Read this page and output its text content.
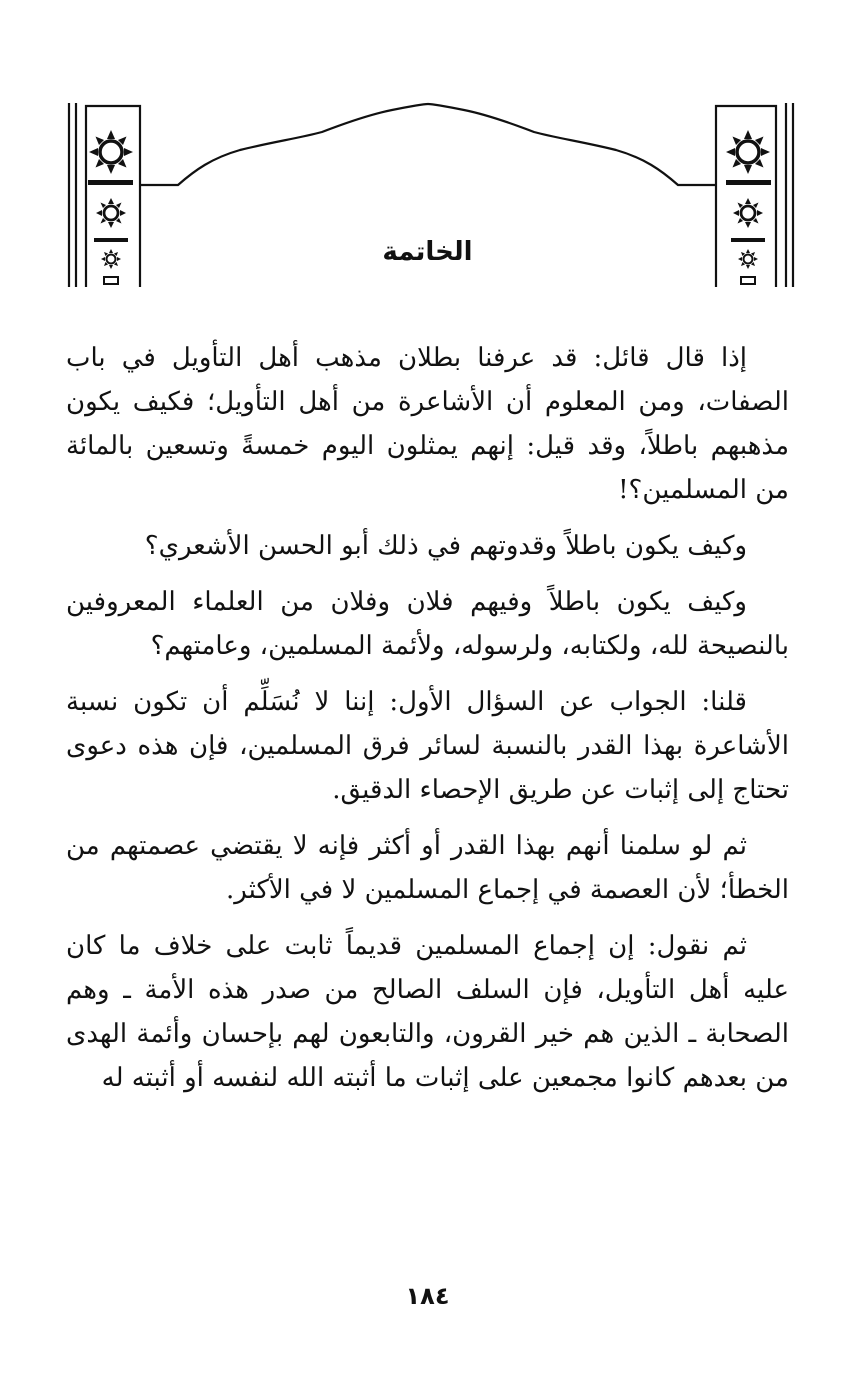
الخاتمة

إذا قال قائل: قد عرفنا بطلان مذهب أهل التأويل في باب الصفات، ومن المعلوم أن الأشاعرة من أهل التأويل؛ فكيف يكون مذهبهم باطلاً، وقد قيل: إنهم يمثلون اليوم خمسةً وتسعين بالمائة من المسلمين؟!

وكيف يكون باطلاً وقدوتهم في ذلك أبو الحسن الأشعري؟

وكيف يكون باطلاً وفيهم فلان وفلان من العلماء المعروفين بالنصيحة لله، ولكتابه، ولرسوله، ولأئمة المسلمين، وعامتهم؟

قلنا: الجواب عن السؤال الأول: إننا لا نُسَلِّم أن تكون نسبة الأشاعرة بهذا القدر بالنسبة لسائر فرق المسلمين، فإن هذه دعوى تحتاج إلى إثبات عن طريق الإحصاء الدقيق.

ثم لو سلمنا أنهم بهذا القدر أو أكثر فإنه لا يقتضي عصمتهم من الخطأ؛ لأن العصمة في إجماع المسلمين لا في الأكثر.

ثم نقول: إن إجماع المسلمين قديماً ثابت على خلاف ما كان عليه أهل التأويل، فإن السلف الصالح من صدر هذه الأمة ـ وهم الصحابة ـ الذين هم خير القرون، والتابعون لهم بإحسان وأئمة الهدى من بعدهم كانوا مجمعين على إثبات ما أثبته الله لنفسه أو أثبته له

١٨٤
